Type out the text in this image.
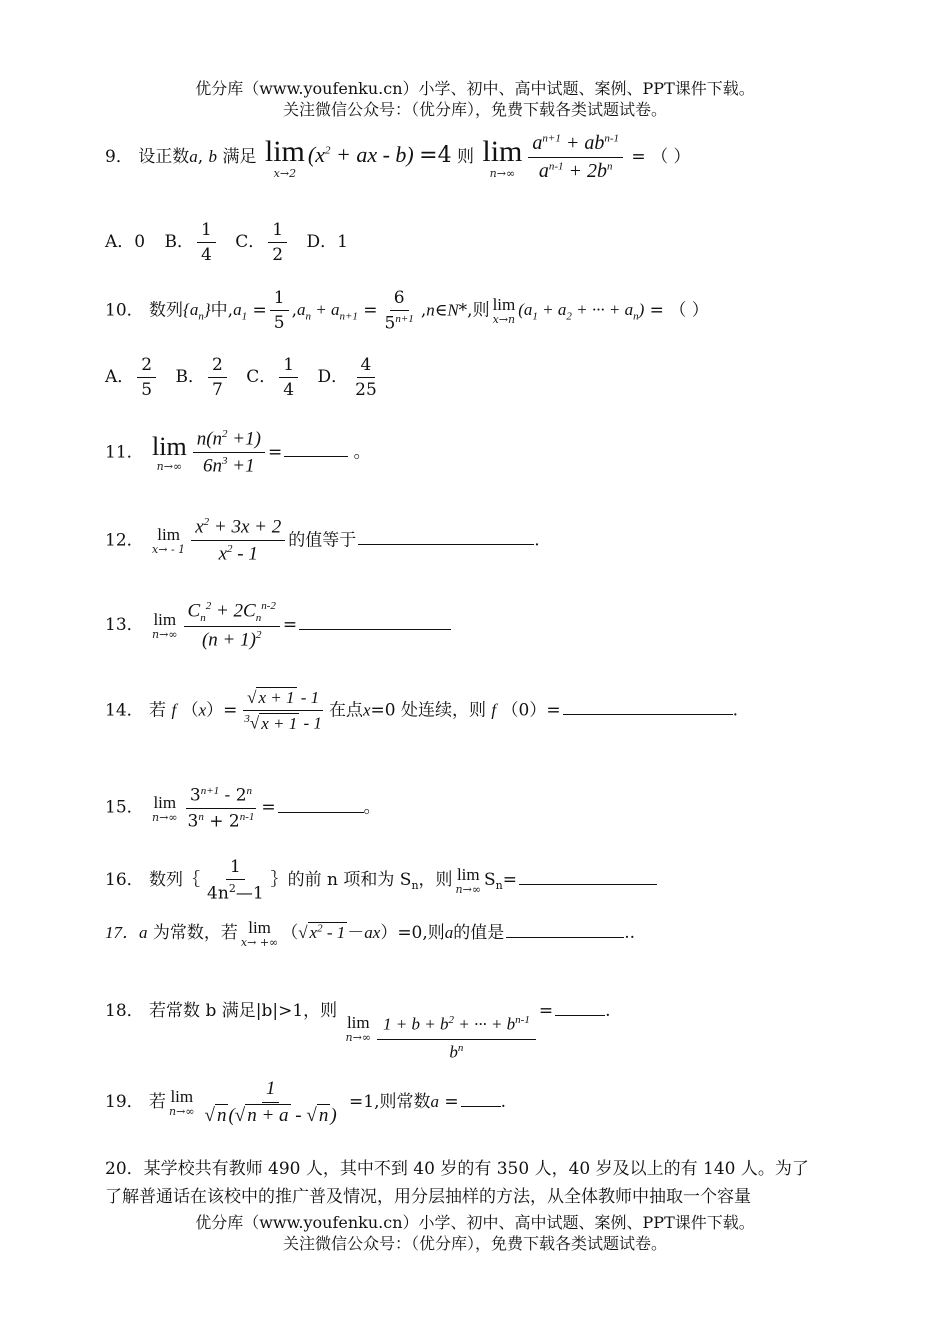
优分库（www.youfenku.cn）小学、初中、高中试题、案例、PPT课件下载。
关注微信公众号：（优分库），免费下载各类试题试卷。
9． 设正数a, b 满足 lim
x→2
($x^2$ + ax - b) =4 则 lim
$n\to\infty \frac{a^{n+1} + ab^{n-1}}{a^{n-1} + 2b^n}$ = （ ）
A．0 B． $\frac{1}{4}$ C． $\frac{1}{2}$ D．1
10． 数列$\{a_n\}$中$,a_1 = \frac{1}{5} ,a_n + a_{n+1} = \frac{6}{5^{n+1}}$ ,n∈N*,则 lim
x→n
($a_1 + a_2$ + ··· + $a_n$) = （ ）
A． $\frac{2}{5}$ B． $\frac{2}{7}$ C． $\frac{1}{4}$ D． $\frac{4}{25}$
11． lim
$n\to\infty \frac{n(n^2 +1)}{6n^3 +1}$ =	。
12． lim
$x\to - 1 \frac{x^2 + 3x + 2}{x^2 - 1}$ 的值等于	.
13． lim
$n\to\infty \frac{C_n^2 + 2C_n^{n-2}}{(n + 1)^2}$ =
14． 若 f $(x)= \frac{√ x + 1 - 1}{^3√ x + 1 - 1}$ 在点x=0 处连续，则 f （0）=	.
15． lim
$n\to\infty \frac{3^{n+1} - 2^n}{3^n + 2^{n-1}}$ =	。
16． 数列｛ $\frac{1}{4n^2—1}$ ｝的前 n 项和为 $S_n$，则 lim
n→∞ $S_n=$
17．a 为常数，若 lim
x→ +∞ （√ $x^2 - 1 -ax)=0$,则a的值是	..
18． 若常数 b 满足|b|>1，则
lim
$n\to\infty \frac{1 + b + b^2 + \cdot\cdot\cdot + b^{n-1}}{b^n}$
=	.
19． 若 lim
$n\to\infty \frac{1}{√ n (√ n + a - √ n )} =1$,则常数a = .
20．某学校共有教师 490 人，其中不到 40 岁的有 350 人，40 岁及以上的有 140 人。为了
了解普通话在该校中的推广普及情况，用分层抽样的方法，从全体教师中抽取一个容量
优分库（www.youfenku.cn）小学、初中、高中试题、案例、PPT课件下载。
关注微信公众号：（优分库），免费下载各类试题试卷。
